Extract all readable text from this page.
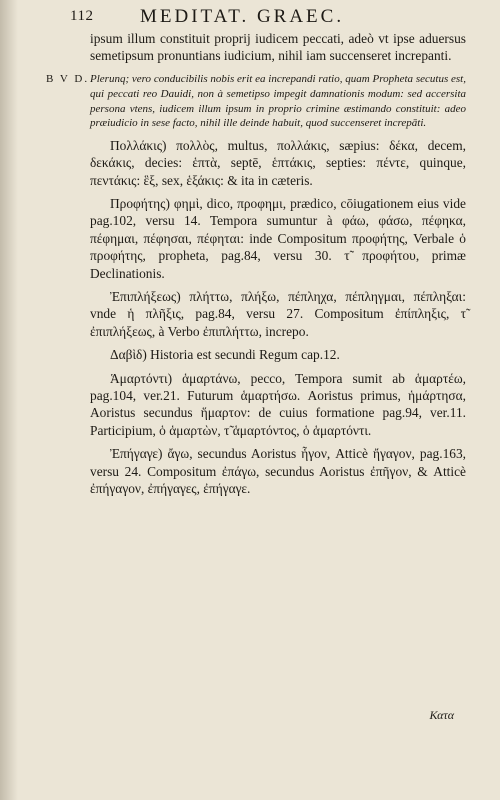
112 MEDITAT. GRAEC.

ipsum illum constituit proprij iudicem peccati, adeò vt ipse aduersus semetipsum pronuntians iudicium, nihil iam succenseret increpanti.

B V D. Plerunq; vero conducibilis nobis erit ea increpandi ratio, quam Propheta secutus est, qui peccati reo Dauidi, non à semetipso impegit damnationis modum: sed accersita persona vtens, iudicem illum ipsum in proprio crimine æstimando constituit: adeo præiudicio in sese facto, nihil ille deinde habuit, quod succenseret increpāti.

Πολλάκις) πολλὸς, multus, πολλάκις, sæpius: δέκα, decem, δεκάκις, decies: ἑπτὰ, septē, ἑπτάκις, septies: πέντε, quinque, πεντάκις: ἓξ, sex, ἑξάκις: & ita in cæteris.

Προφήτης) φημὶ, dico, προφημι, prædico, cōiugationem eius vide pag.102, versu 14. Tempora sumuntur à φάω, φάσω, πέφηκα, πέφημαι, πέφησαι, πέφηται: inde Compositum προφήτης, Verbale ὁ προφήτης, propheta, pag.84, versu 30. τ̃ προφήτου, primæ Declinationis.

Ἐπιπλήξεως) πλήττω, πλήξω, πέπληχα, πέπληγμαι, πέπληξαι: vnde ἡ πλῆξις, pag.84, versu 27. Compositum ἐπίπληξις, τ̃ ἐπιπλήξεως, à Verbo ἐπιπλήττω, increpo.

Δαβὶδ) Historia est secundi Regum cap.12.

Ἁμαρτόντι) ἁμαρτάνω, pecco, Tempora sumit ab ἁμαρτέω, pag.104, ver.21. Futurum ἁμαρτήσω. Aoristus primus, ἡμάρτησα, Aoristus secundus ἥμαρτον: de cuius formatione pag.94, ver.11. Participium, ὁ ἁμαρτὼν, τ̃ ἁμαρτόντος, ὁ ἁμαρτόντι.

Ἐπήγαγε) ἄγω, secundus Aoristus ἦγον, Atticè ἤγαγον, pag.163, versu 24. Compositum ἐπάγω, secundus Aoristus ἐπῆγον, & Atticè ἐπήγαγον, ἐπήγαγες, ἐπήγαγε.

Κατα
